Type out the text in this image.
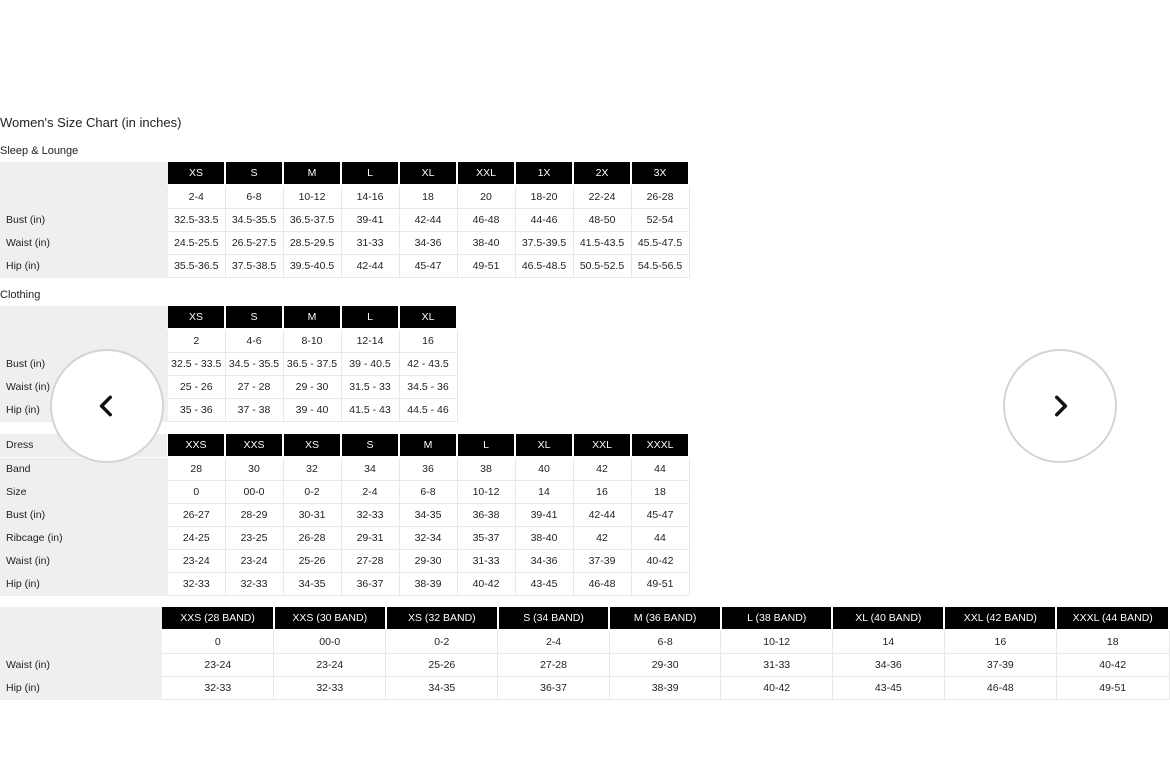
Women's Size Chart (in inches)
Sleep & Lounge
	XS	S	M	L	XL	XXL	1X	2X	3X
	2-4	6-8	10-12	14-16	18	20	18-20	22-24	26-28
Bust (in)	32.5-33.5	34.5-35.5	36.5-37.5	39-41	42-44	46-48	44-46	48-50	52-54
Waist (in)	24.5-25.5	26.5-27.5	28.5-29.5	31-33	34-36	38-40	37.5-39.5	41.5-43.5	45.5-47.5
Hip (in)	35.5-36.5	37.5-38.5	39.5-40.5	42-44	45-47	49-51	46.5-48.5	50.5-52.5	54.5-56.5
Clothing
	XS	S	M	L	XL
	2	4-6	8-10	12-14	16
Bust (in)	32.5 - 33.5	34.5 - 35.5	36.5 - 37.5	39 - 40.5	42 - 43.5
Waist (in)	25 - 26	27 - 28	29 - 30	31.5 - 33	34.5 - 36
Hip (in)	35 - 36	37 - 38	39 - 40	41.5 - 43	44.5 - 46
Dress	XXS	XXS	XS	S	M	L	XL	XXL	XXXL
Band	28	30	32	34	36	38	40	42	44
Size	0	00-0	0-2	2-4	6-8	10-12	14	16	18
Bust (in)	26-27	28-29	30-31	32-33	34-35	36-38	39-41	42-44	45-47
Ribcage (in)	24-25	23-25	26-28	29-31	32-34	35-37	38-40	42	44
Waist (in)	23-24	23-24	25-26	27-28	29-30	31-33	34-36	37-39	40-42
Hip (in)	32-33	32-33	34-35	36-37	38-39	40-42	43-45	46-48	49-51
	XXS (28 BAND)	XXS (30 BAND)	XS (32 BAND)	S (34 BAND)	M (36 BAND)	L (38 BAND)	XL (40 BAND)	XXL (42 BAND)	XXXL (44 BAND)
	0	00-0	0-2	2-4	6-8	10-12	14	16	18
Waist (in)	23-24	23-24	25-26	27-28	29-30	31-33	34-36	37-39	40-42
Hip (in)	32-33	32-33	34-35	36-37	38-39	40-42	43-45	46-48	49-51
